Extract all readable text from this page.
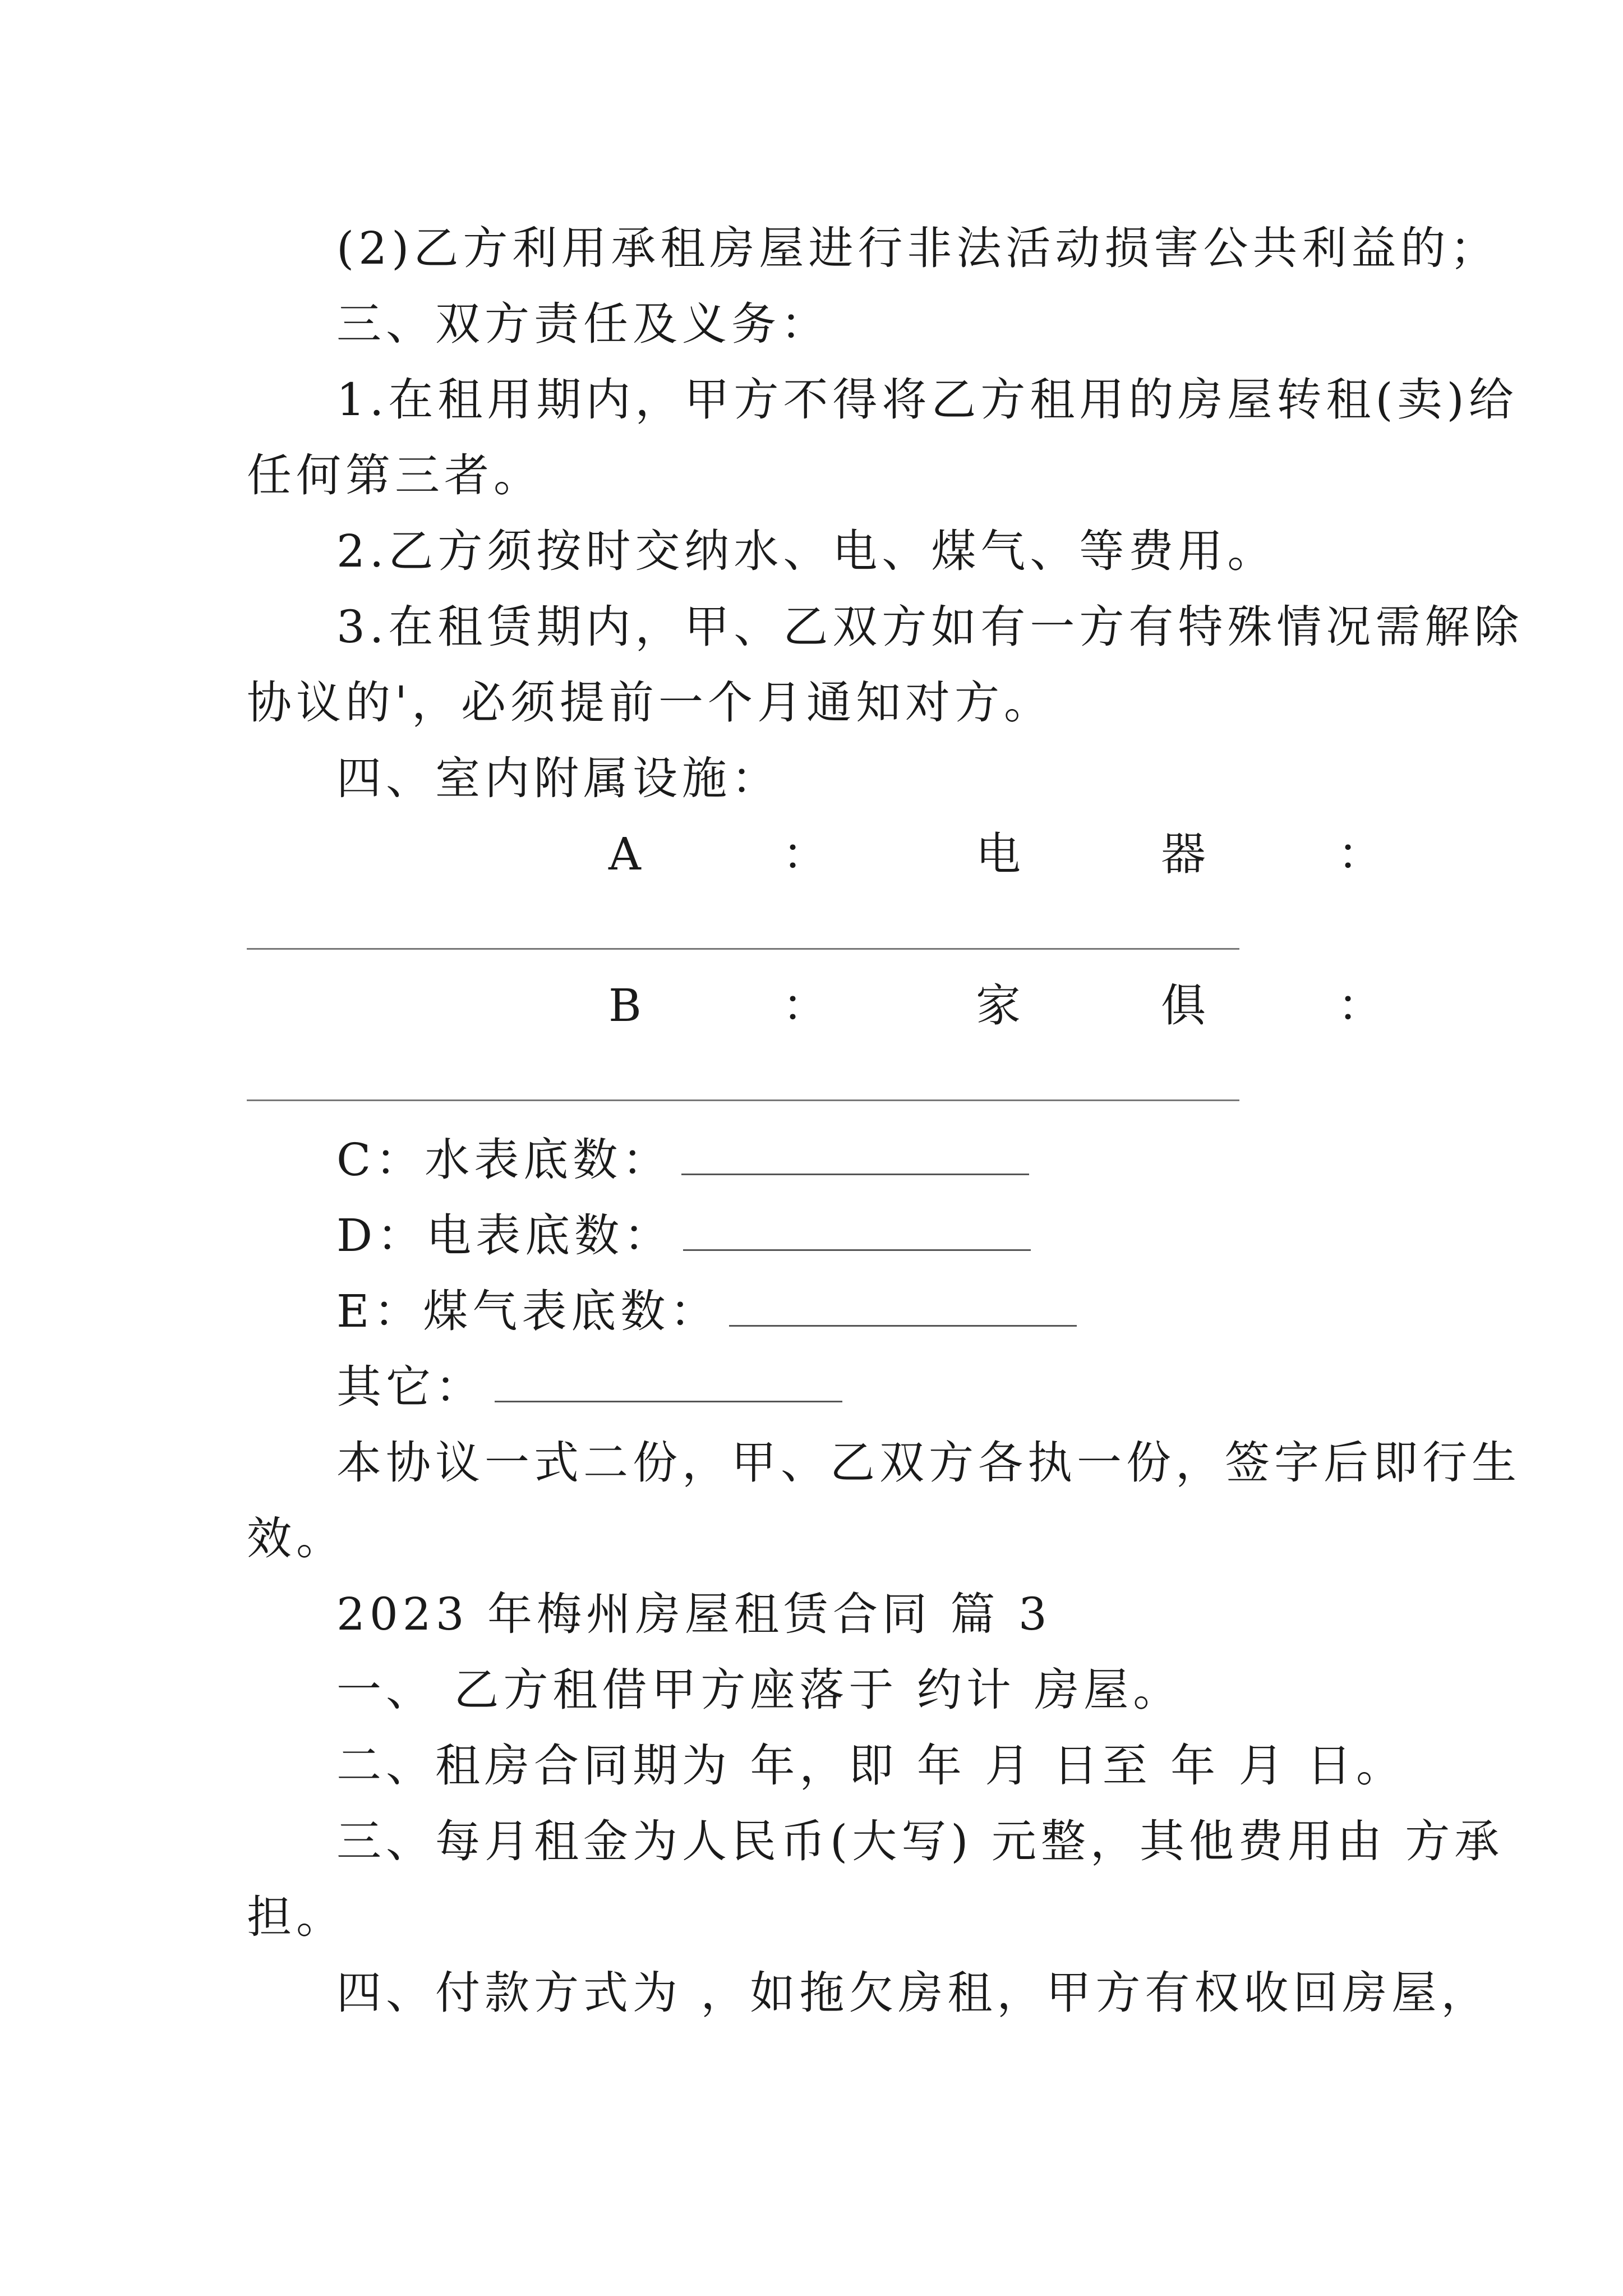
(2)乙方利用承租房屋进行非法活动损害公共利益的；
三、双方责任及义务：
1.在租用期内，甲方不得将乙方租用的房屋转租(卖)给
任何第三者。
2.乙方须按时交纳水、电、煤气、等费用。
3.在租赁期内，甲、乙双方如有一方有特殊情况需解除
协议的'，必须提前一个月通知对方。
四、室内附属设施：
A	：	电	器	：
B	：	家	俱	：
C：水表底数：
D：电表底数：
E：煤气表底数：
其它：
本协议一式二份，甲、乙双方各执一份，签字后即行生
效。
2023 年梅州房屋租赁合同 篇 3
一、 乙方租借甲方座落于 约计 房屋。
二、租房合同期为 年，即 年 月 日至 年 月 日。
三、每月租金为人民币(大写) 元整，其他费用由 方承
担。
四、付款方式为 ，如拖欠房租，甲方有权收回房屋，
